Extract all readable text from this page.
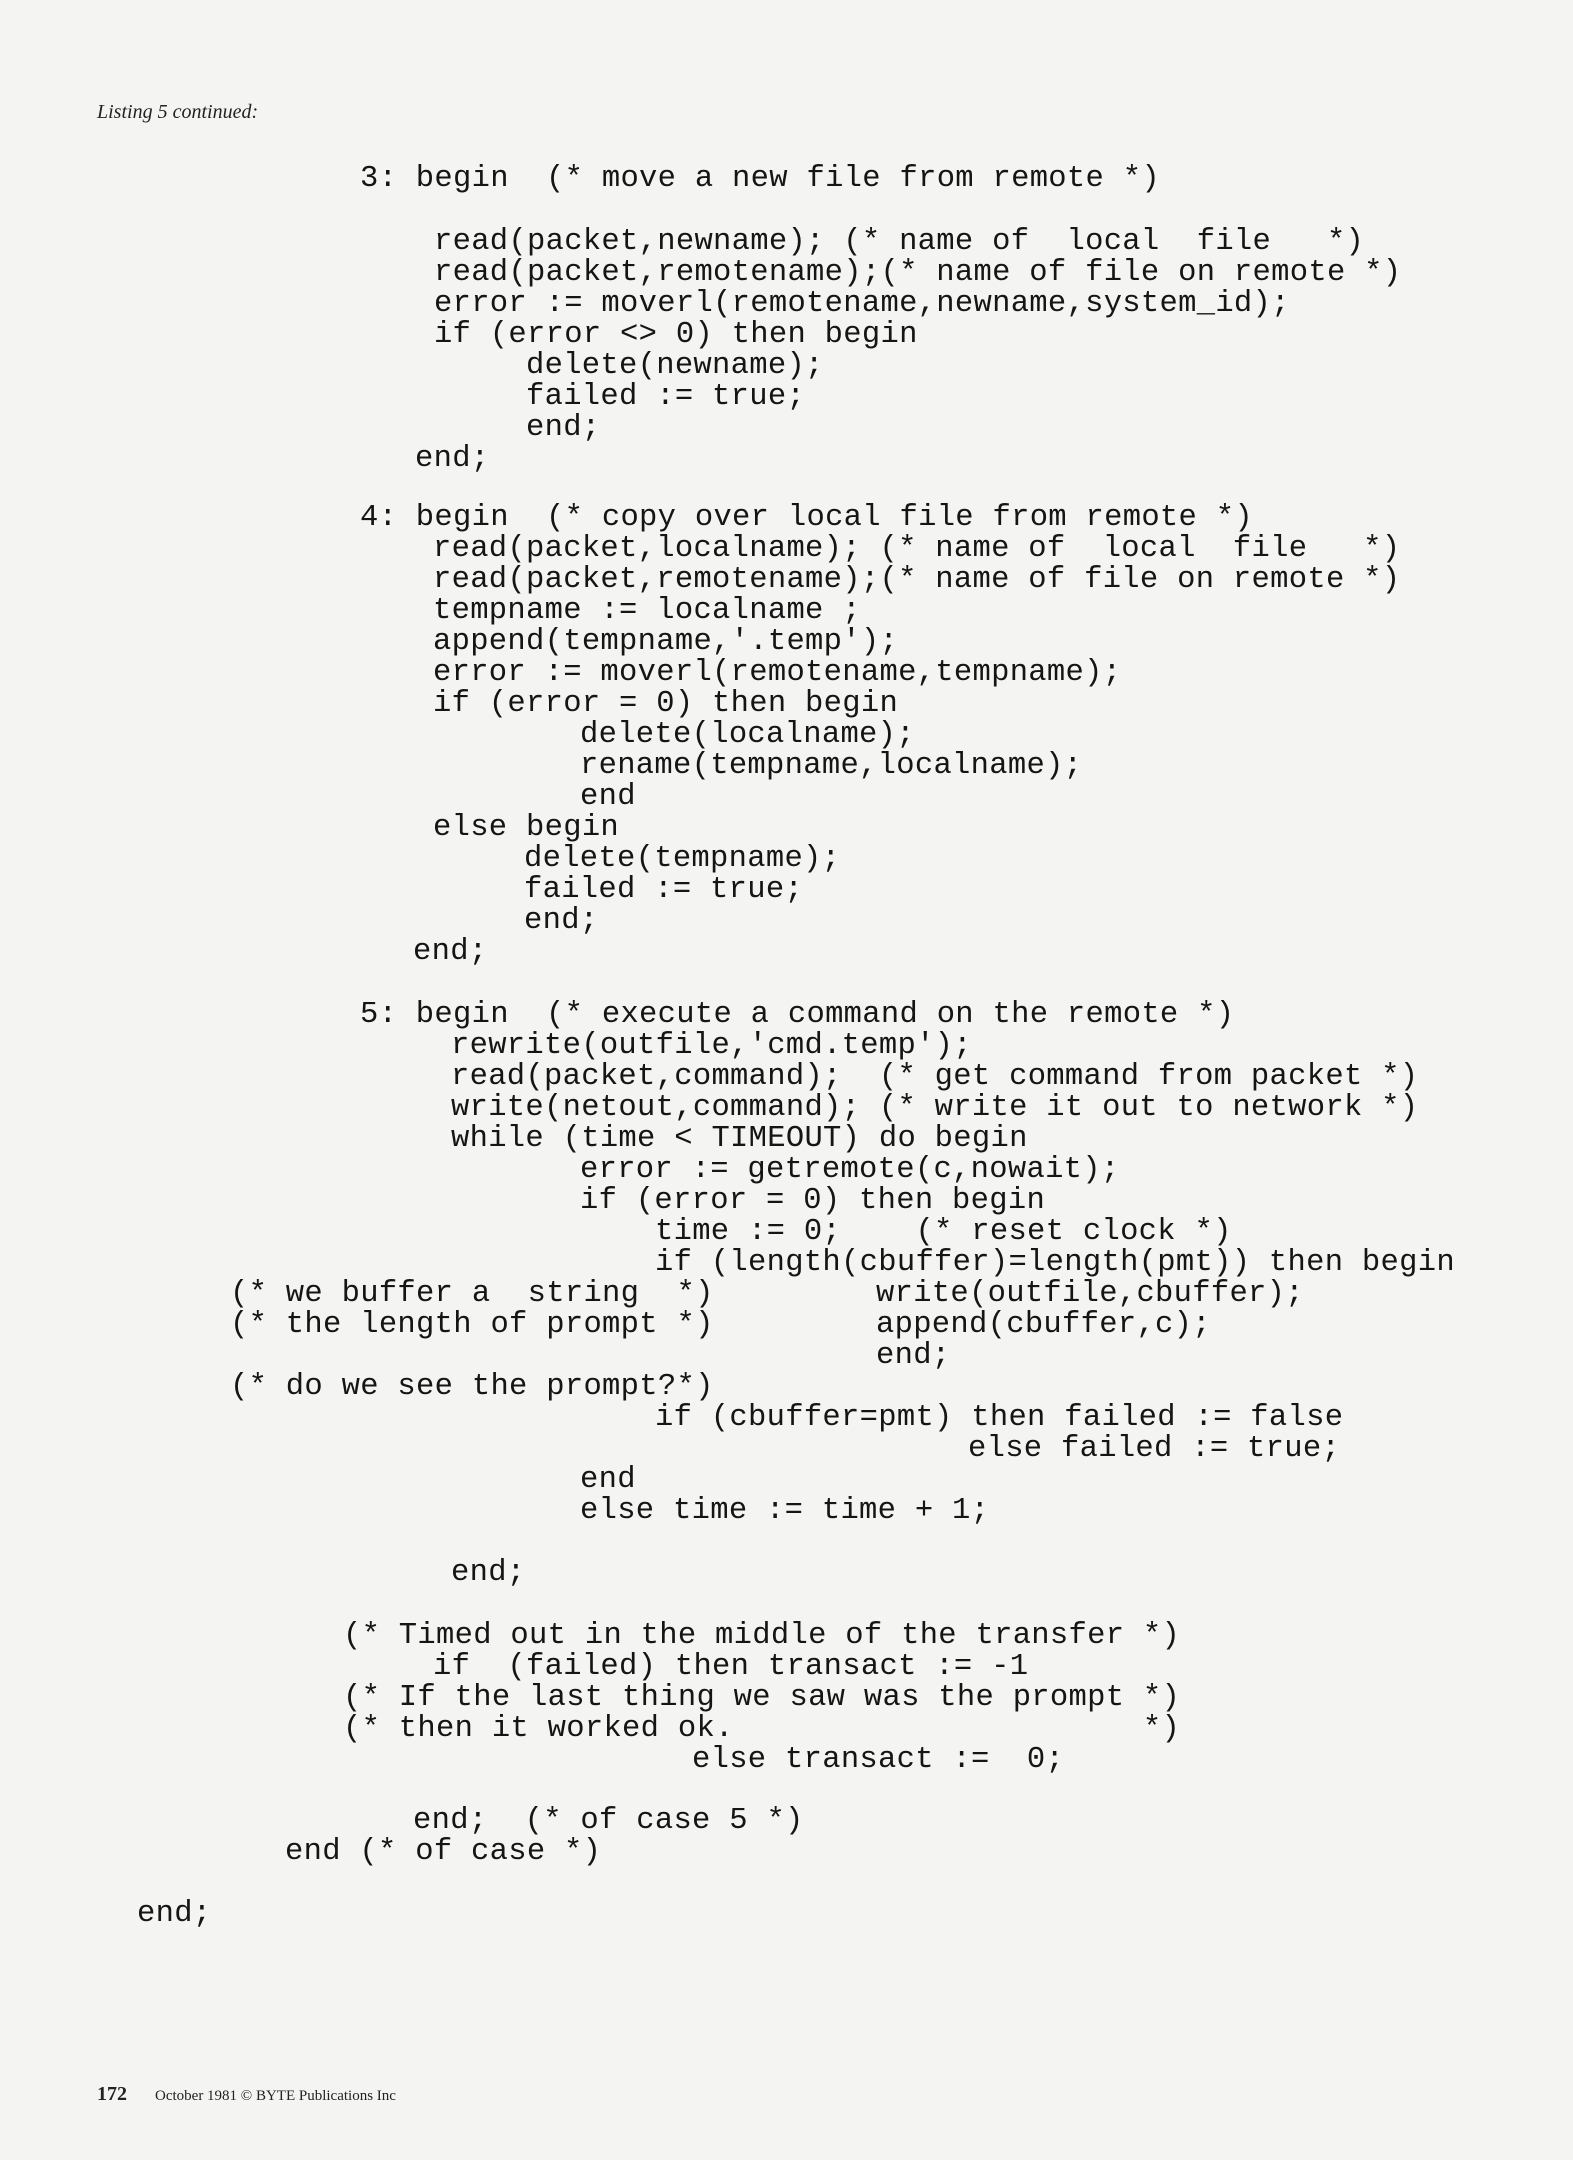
Listing 5 continued:
3: begin  (* move a new file from remote *)
read(packet,newname); (* name of  local  file   *)
read(packet,remotename);(* name of file on remote *)
error := moverl(remotename,newname,system_id);
if (error <> 0) then begin
delete(newname);
failed := true;
end;
end;
4: begin  (* copy over local file from remote *)
read(packet,localname); (* name of  local  file   *)
read(packet,remotename);(* name of file on remote *)
tempname := localname ;
append(tempname,'.temp');
error := moverl(remotename,tempname);
if (error = 0) then begin
delete(localname);
rename(tempname,localname);
end
else begin
delete(tempname);
failed := true;
end;
end;
5: begin  (* execute a command on the remote *)
rewrite(outfile,'cmd.temp');
read(packet,command);  (* get command from packet *)
write(netout,command); (* write it out to network *)
while (time < TIMEOUT) do begin
error := getremote(c,nowait);
if (error = 0) then begin
time := 0;    (* reset clock *)
if (length(cbuffer)=length(pmt)) then begin
(* we buffer a  string  *)	write(outfile,cbuffer);
(* the length of prompt *)	append(cbuffer,c);
end;
(* do we see the prompt?*)
if (cbuffer=pmt) then failed := false
else failed := true;
end
else time := time + 1;
end;
(* Timed out in the middle of the transfer *)
if  (failed) then transact := -1
(* If the last thing we saw was the prompt *)
(* then it worked ok.                      *)
else transact :=  0;
end;  (* of case 5 *)
end (* of case *)
end;
172 October 1981 © BYTE Publications Inc
